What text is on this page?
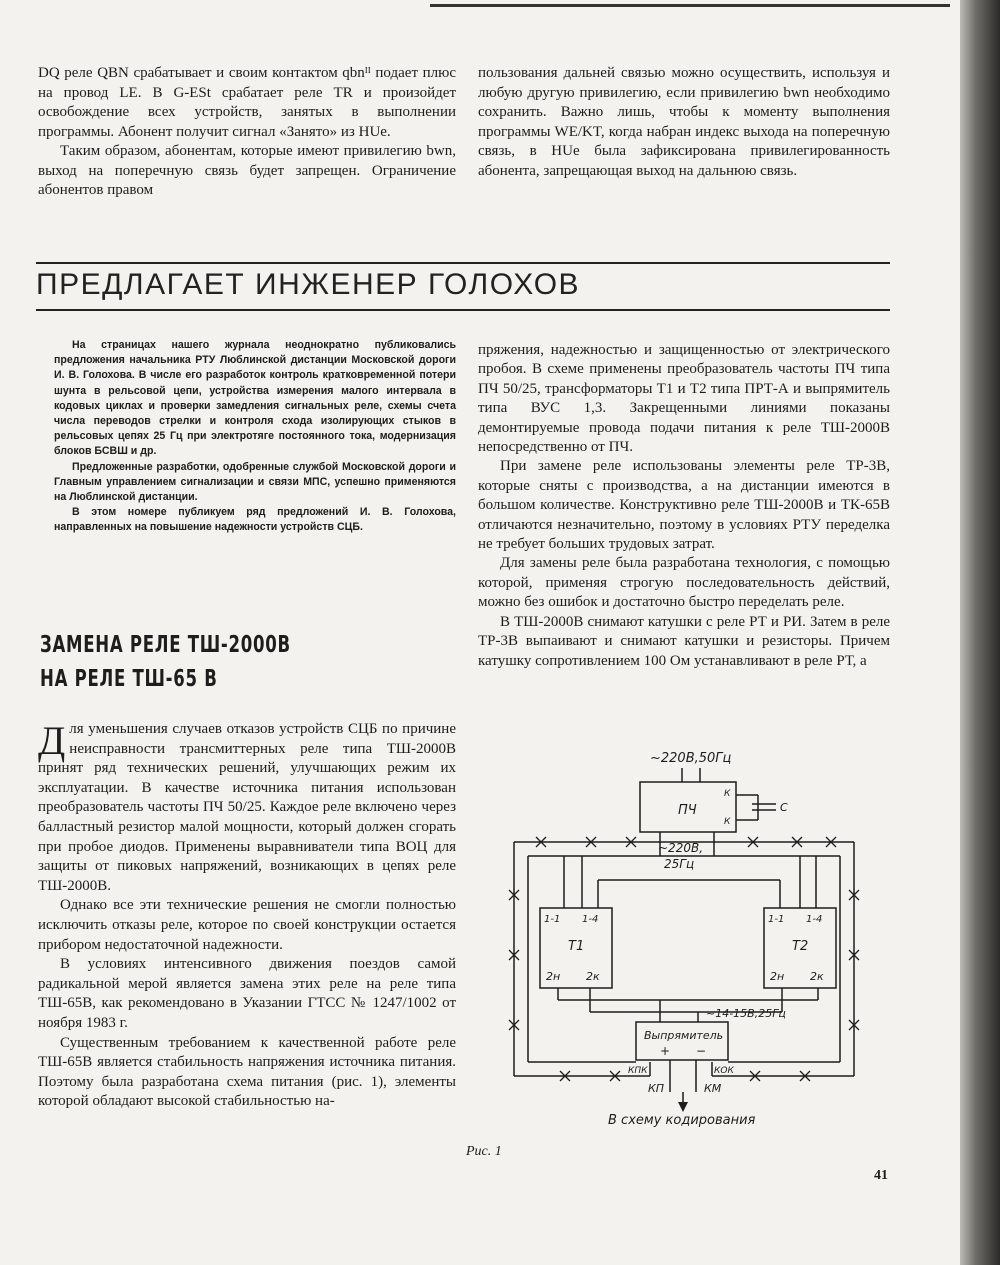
DQ реле QBN срабатывает и своим контактом qbnᴵᴵ подает плюс на провод LE. В G-ESt срабатает реле TR и произойдет освобождение всех устройств, занятых в выполнении программы. Абонент получит сигнал «Занято» из HUe.

Таким образом, абонентам, которые имеют привилегию bwn, выход на поперечную связь будет запрещен. Ограничение абонентов правом

пользования дальней связью можно осуществить, используя и любую другую привилегию, если привилегию bwn необходимо сохранить. Важно лишь, чтобы к моменту выполнения программы WE/KT, когда набран индекс выхода на поперечную связь, в HUe была зафиксирована привилегированность абонента, запрещающая выход на дальнюю связь.

ПРЕДЛАГАЕТ ИНЖЕНЕР ГОЛОХОВ

На страницах нашего журнала неоднократно публиковались предложения начальника РТУ Люблинской дистанции Московской дороги И. В. Голохова. В числе его разработок контроль кратковременной потери шунта в рельсовой цепи, устройства измерения малого интервала в кодовых циклах и проверки замедления сигнальных реле, схемы счета числа переводов стрелки и контроля схода изолирующих стыков в рельсовых цепях 25 Гц при электротяге постоянного тока, модернизация блоков БСВШ и др.

Предложенные разработки, одобренные службой Московской дороги и Главным управлением сигнализации и связи МПС, успешно применяются на Люблинской дистанции.

В этом номере публикуем ряд предложений И. В. Голохова, направленных на повышение надежности устройств СЦБ.

ЗАМЕНА РЕЛЕ ТШ-2000В
НА РЕЛЕ ТШ-65 В

Для уменьшения случаев отказов устройств СЦБ по причине неисправности трансмиттерных реле типа ТШ-2000В принят ряд технических решений, улучшающих режим их эксплуатации. В качестве источника питания использован преобразователь частоты ПЧ 50/25. Каждое реле включено через балластный резистор малой мощности, который должен сгорать при пробое диодов. Применены выравниватели типа ВОЦ для защиты от пиковых напряжений, возникающих в цепях реле ТШ-2000В.

Однако все эти технические решения не смогли полностью исключить отказы реле, которое по своей конструкции остается прибором недостаточной надежности.

В условиях интенсивного движения поездов самой радикальной мерой является замена этих реле на реле типа ТШ-65В, как рекомендовано в Указании ГТСС № 1247/1002 от ноября 1983 г.

Существенным требованием к качественной работе реле ТШ-65В является стабильность напряжения источника питания. Поэтому была разработана схема питания (рис. 1), элементы которой обладают высокой стабильностью на-

пряжения, надежностью и защищенностью от электрического пробоя. В схеме применены преобразователь частоты ПЧ типа ПЧ 50/25, трансформаторы Т1 и Т2 типа ПРТ-А и выпрямитель типа ВУС 1,3. Закрещенными линиями показаны демонтируемые провода подачи питания к реле ТШ-2000В непосредственно от ПЧ.

При замене реле использованы элементы реле ТР-3В, которые сняты с производства, а на дистанции имеются в большом количестве. Конструктивно реле ТШ-2000В и ТК-65В отличаются незначительно, поэтому в условиях РТУ переделка не требует больших трудовых затрат.

Для замены реле была разработана технология, с помощью которой, применяя строгую последовательность действий, можно без ошибок и достаточно быстро переделать реле.

В ТШ-2000В снимают катушки с реле РТ и РИ. Затем в реле ТР-3В выпаивают и снимают катушки и резисторы. Причем катушку сопротивлением 100 Ом устанавливают в реле РТ, а

~220В,50Гц
ПЧ
К
К
С
~220В,
25Гц
1-1 1-4
Т1
2н 2к
1-1 1-4
Т2
2н 2к
~14-15В,25Гц
Выпрямитель
+ −
КПК	КОК
КП	КМ
В схему кодирования
Рис. 1
41
